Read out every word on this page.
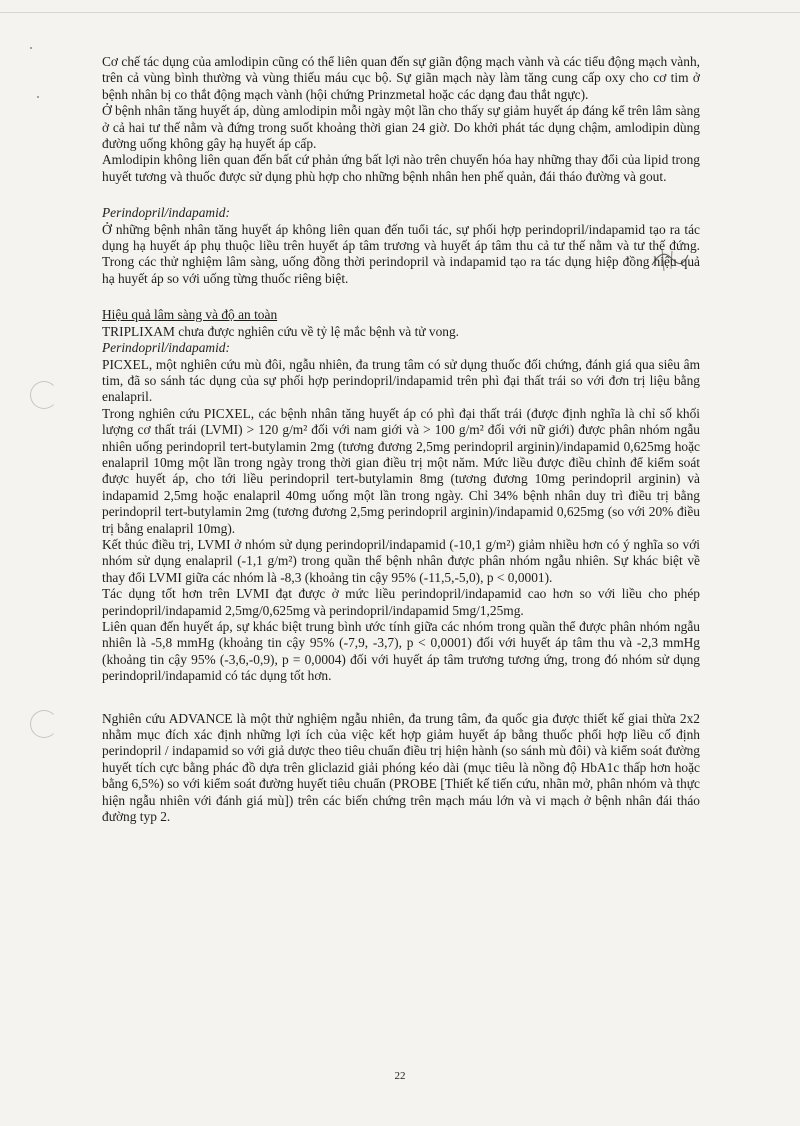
Cơ chế tác dụng của amlodipin cũng có thể liên quan đến sự giãn động mạch vành và các tiểu động mạch vành, trên cả vùng bình thường và vùng thiếu máu cục bộ. Sự giãn mạch này làm tăng cung cấp oxy cho cơ tim ở bệnh nhân bị co thắt động mạch vành (hội chứng Prinzmetal hoặc các dạng đau thắt ngực).

Ở bệnh nhân tăng huyết áp, dùng amlodipin mỗi ngày một lần cho thấy sự giảm huyết áp đáng kể trên lâm sàng ở cả hai tư thế nằm và đứng trong suốt khoảng thời gian 24 giờ. Do khởi phát tác dụng chậm, amlodipin dùng đường uống không gây hạ huyết áp cấp.

Amlodipin không liên quan đến bất cứ phản ứng bất lợi nào trên chuyển hóa hay những thay đổi của lipid trong huyết tương và thuốc được sử dụng phù hợp cho những bệnh nhân hen phế quản, đái tháo đường và gout.

Perindopril/indapamid:

Ở những bệnh nhân tăng huyết áp không liên quan đến tuổi tác, sự phối hợp perindopril/indapamid tạo ra tác dụng hạ huyết áp phụ thuộc liều trên huyết áp tâm trương và huyết áp tâm thu cả tư thế nằm và tư thế đứng. Trong các thử nghiệm lâm sàng, uống đồng thời perindopril và indapamid tạo ra tác dụng hiệp đồng hiệu quả hạ huyết áp so với uống từng thuốc riêng biệt.

Hiệu quả lâm sàng và độ an toàn

TRIPLIXAM chưa được nghiên cứu về tỷ lệ mắc bệnh và tử vong.

Perindopril/indapamid:

PICXEL, một nghiên cứu mù đôi, ngẫu nhiên, đa trung tâm có sử dụng thuốc đối chứng, đánh giá qua siêu âm tim, đã so sánh tác dụng của sự phối hợp perindopril/indapamid trên phì đại thất trái so với đơn trị liệu bằng enalapril.

Trong nghiên cứu PICXEL, các bệnh nhân tăng huyết áp có phì đại thất trái (được định nghĩa là chỉ số khối lượng cơ thất trái (LVMI) > 120 g/m² đối với nam giới và > 100 g/m² đối với nữ giới) được phân nhóm ngẫu nhiên uống perindopril tert-butylamin 2mg (tương đương 2,5mg perindopril arginin)/indapamid 0,625mg hoặc enalapril 10mg một lần trong ngày trong thời gian điều trị một năm. Mức liều được điều chỉnh để kiểm soát được huyết áp, cho tới liều perindopril tert-butylamin 8mg (tương đương 10mg perindopril arginin) và indapamid 2,5mg hoặc enalapril 40mg uống một lần trong ngày. Chỉ 34% bệnh nhân duy trì điều trị bằng perindopril tert-butylamin 2mg (tương đương 2,5mg perindopril arginin)/indapamid 0,625mg (so với 20% điều trị bằng enalapril 10mg).

Kết thúc điều trị, LVMI ở nhóm sử dụng perindopril/indapamid (-10,1 g/m²) giảm nhiều hơn có ý nghĩa so với nhóm sử dụng enalapril (-1,1 g/m²) trong quần thể bệnh nhân được phân nhóm ngẫu nhiên. Sự khác biệt về thay đổi LVMI giữa các nhóm là -8,3 (khoảng tin cậy 95% (-11,5,-5,0), p < 0,0001).

Tác dụng tốt hơn trên LVMI đạt được ở mức liều perindopril/indapamid cao hơn so với liều cho phép perindopril/indapamid 2,5mg/0,625mg và perindopril/indapamid 5mg/1,25mg.

Liên quan đến huyết áp, sự khác biệt trung bình ước tính giữa các nhóm trong quần thể được phân nhóm ngẫu nhiên là -5,8 mmHg (khoảng tin cậy 95% (-7,9, -3,7), p < 0,0001) đối với huyết áp tâm thu và -2,3 mmHg (khoảng tin cậy 95% (-3,6,-0,9), p = 0,0004) đối với huyết áp tâm trương tương ứng, trong đó nhóm sử dụng perindopril/indapamid có tác dụng tốt hơn.

Nghiên cứu ADVANCE là một thử nghiệm ngẫu nhiên, đa trung tâm, đa quốc gia được thiết kế giai thừa 2x2 nhằm mục đích xác định những lợi ích của việc kết hợp giảm huyết áp bằng thuốc phối hợp liều cố định perindopril / indapamid so với giả dược theo tiêu chuẩn điều trị hiện hành (so sánh mù đôi) và kiểm soát đường huyết tích cực bằng phác đồ dựa trên gliclazid giải phóng kéo dài (mục tiêu là nồng độ HbA1c thấp hơn hoặc bằng 6,5%) so với kiểm soát đường huyết tiêu chuẩn (PROBE [Thiết kế tiến cứu, nhãn mở, phân nhóm và thực hiện ngẫu nhiên với đánh giá mù]) trên các biến chứng trên mạch máu lớn và vi mạch ở bệnh nhân đái tháo đường typ 2.

22
